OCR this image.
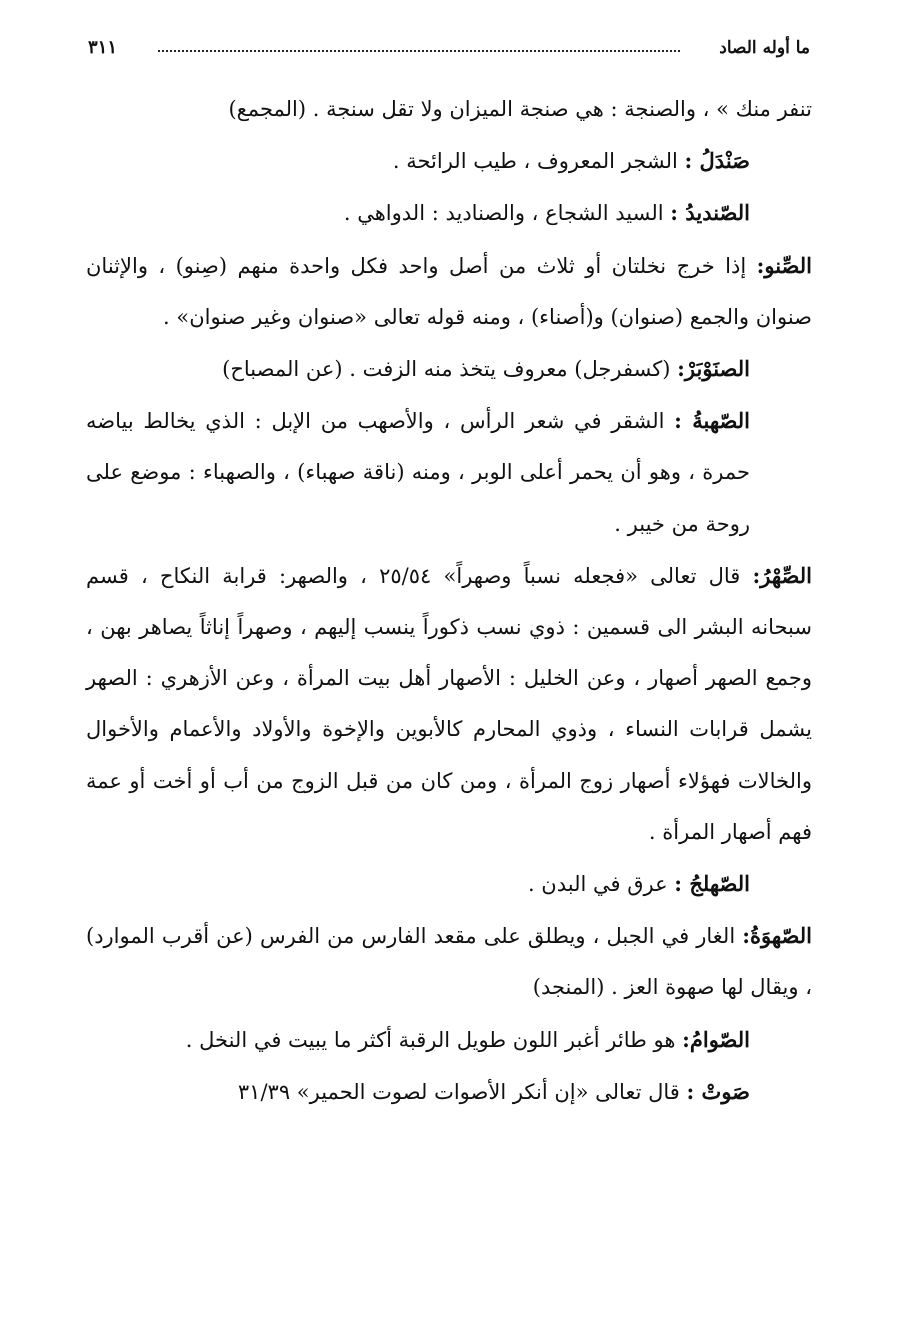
ما أوله الصاد
٣١١

تنفر منك » ، والصنجة : هي صنجة الميزان ولا تقل سنجة . (المجمع)

صَنْدَلُ : الشجر المعروف ، طيب الرائحة .

الصّنديدُ : السيد الشجاع ، والصناديد : الدواهي .

الصِّنو: إذا خرج نخلتان أو ثلاث من أصل واحد فكل واحدة منهم (صِنو) ، والإثنان صنوان والجمع (صنوان) و(أصناء) ، ومنه قوله تعالى «صنوان وغير صنوان» .

الصنَوْبَرْ: (كسفرجل) معروف يتخذ منه الزفت . (عن المصباح)

الصّهبةُ : الشقر في شعر الرأس ، والأصهب من الإبل : الذي يخالط بياضه حمرة ، وهو أن يحمر أعلى الوبر ، ومنه (ناقة صهباء) ، والصهباء : موضع على روحة من خيبر .

الصِّهْرُ: قال تعالى «فجعله نسباً وصهراً» ٢٥/٥٤ ، والصهر: قرابة النكاح ، قسم سبحانه البشر الى قسمين : ذوي نسب ذكوراً ينسب إليهم ، وصهراً إناثاً يصاهر بهن ، وجمع الصهر أصهار ، وعن الخليل : الأصهار أهل بيت المرأة ، وعن الأزهري : الصهر يشمل قرابات النساء ، وذوي المحارم كالأبوين والإخوة والأولاد والأعمام والأخوال والخالات فهؤلاء أصهار زوج المرأة ، ومن كان من قبل الزوج من أب أو أخت أو عمة فهم أصهار المرأة .

الصّهلجُ : عرق في البدن .

الصّهوَةُ: الغار في الجبل ، ويطلق على مقعد الفارس من الفرس (عن أقرب الموارد) ، ويقال لها صهوة العز . (المنجد)

الصّوامُ: هو طائر أغبر اللون طويل الرقبة أكثر ما يبيت في النخل .

صَوتْ : قال تعالى «إن أنكر الأصوات لصوت الحمير» ٣١/٣٩
